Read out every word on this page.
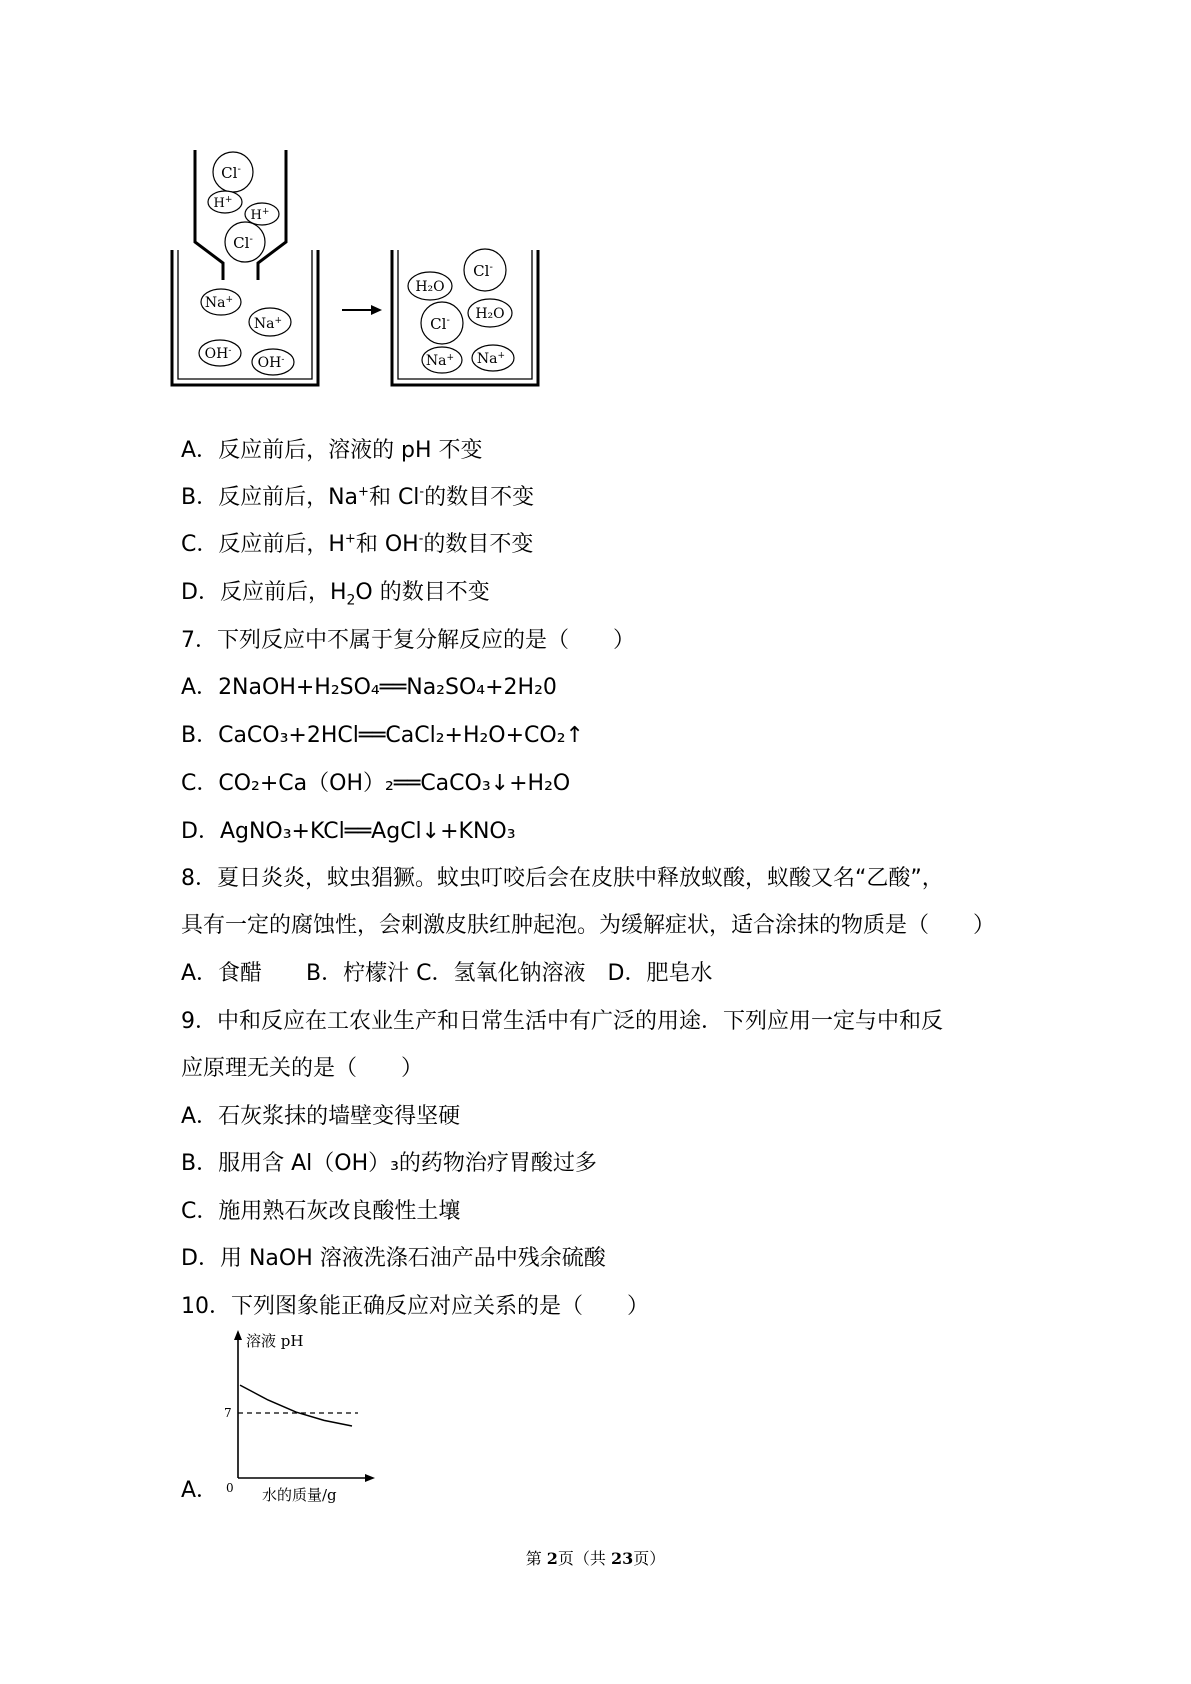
Cl-
H+
H+
Cl-
Na+
Na+
OH-
OH-
H₂O
Cl-
H₂O
Cl-
Na+ Na+
A．反应前后，溶液的 pH 不变
B．反应前后，Na+和 Cl-的数目不变
C．反应前后，H+和 OH-的数目不变
D．反应前后，$H_2O$ 的数目不变
7．下列反应中不属于复分解反应的是（　　）
A．2NaOH+H₂SO₄══Na₂SO₄+2H₂0
B．CaCO₃+2HCl══CaCl₂+H₂O+CO₂↑
C．CO₂+Ca（OH）₂══CaCO₃↓+H₂O
D．AgNO₃+KCl══AgCl↓+KNO₃
8．夏日炎炎，蚊虫猖獗。蚊虫叮咬后会在皮肤中释放蚁酸，蚁酸又名“乙酸”，
具有一定的腐蚀性，会刺激皮肤红肿起泡。为缓解症状，适合涂抹的物质是（　　）
A．食醋　　B．柠檬汁 C．氢氧化钠溶液　D．肥皂水
9．中和反应在工农业生产和日常生活中有广泛的用途．下列应用一定与中和反
应原理无关的是（　　）
A．石灰浆抹的墙壁变得坚硬
B．服用含 Al（OH）₃的药物治疗胃酸过多
C．施用熟石灰改良酸性土壤
D．用 NaOH 溶液洗涤石油产品中残余硫酸
10．下列图象能正确反应对应关系的是（　　）
溶液 pH
7
0 水的质量/g
A．
第 2页（共 23页）
